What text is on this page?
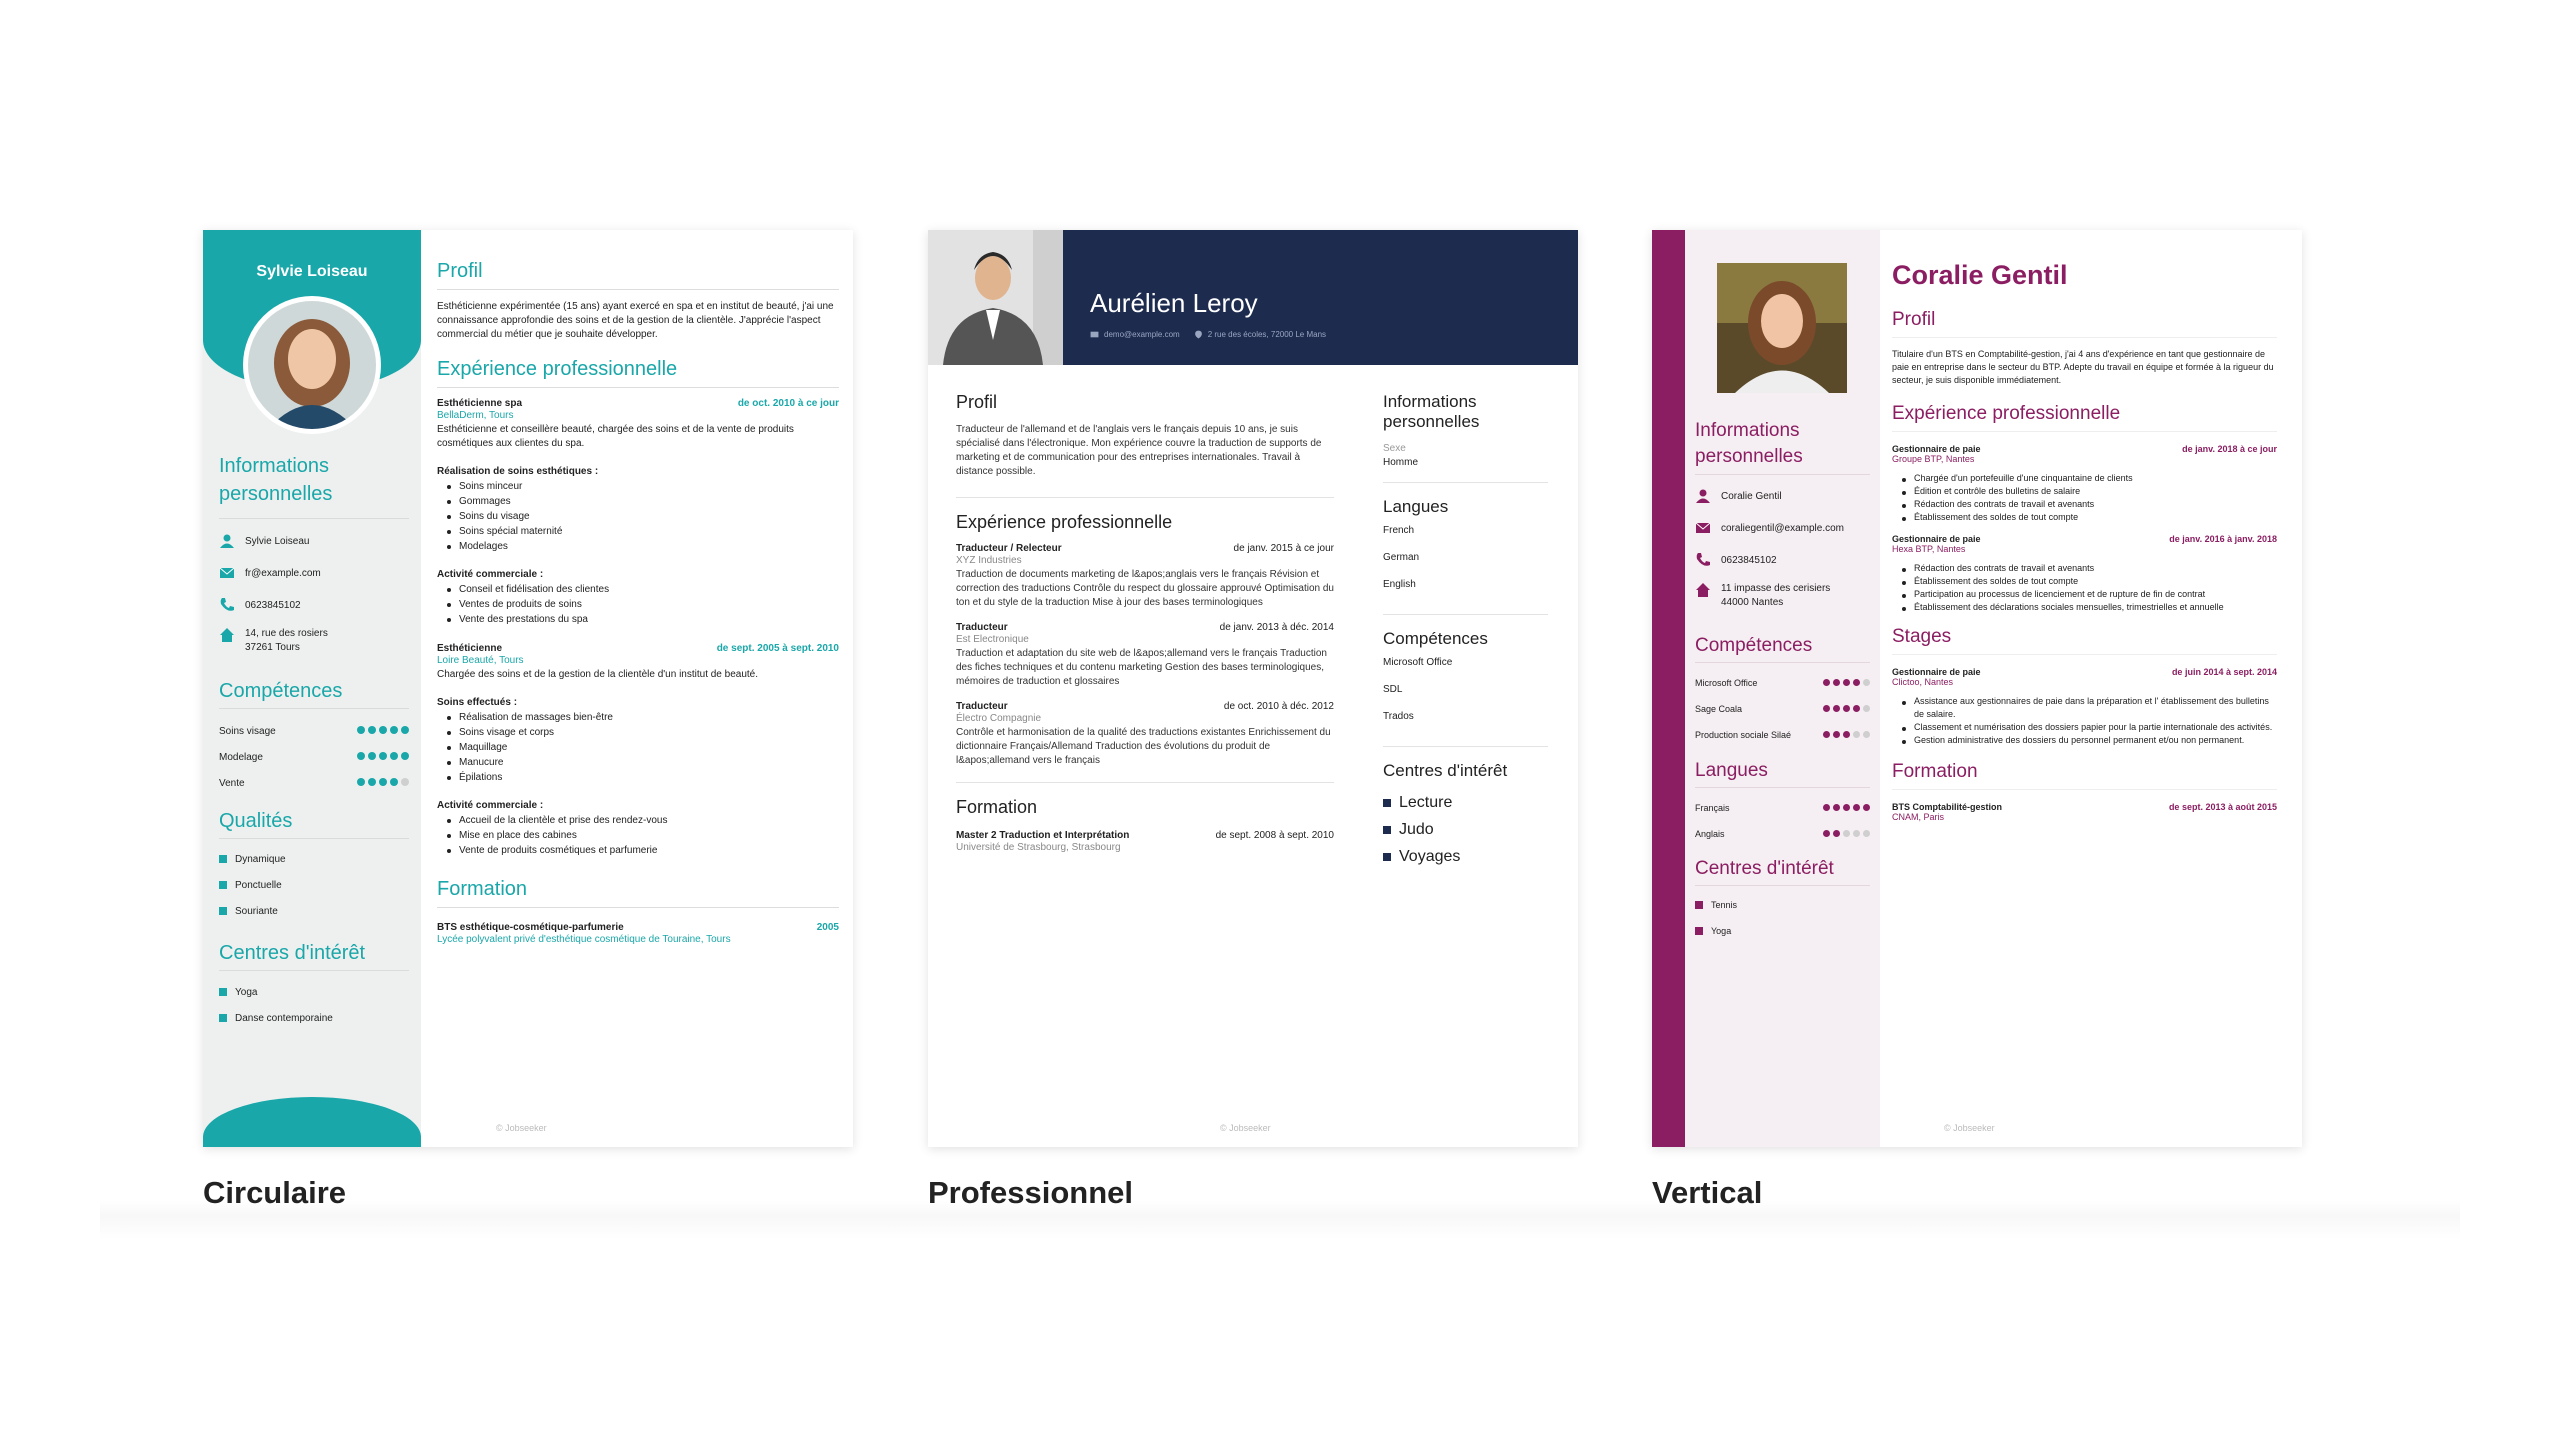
Sylvie Loiseau
Informations personnelles
Sylvie Loiseau
fr@example.com
0623845102
14, rue des rosiers
37261 Tours
Compétences
Soins visage
Modelage
Vente
Qualités
Dynamique
Ponctuelle
Souriante
Centres d'intérêt
Yoga
Danse contemporaine
Profil
Esthéticienne expérimentée (15 ans) ayant exercé en spa et en institut de beauté, j'ai une connaissance approfondie des soins et de la gestion de la clientèle. J'apprécie l'aspect commercial du métier que je souhaite développer.
Expérience professionnelle
Esthéticienne spa	de oct. 2010 à ce jour
BellaDerm, Tours
Esthéticienne et conseillère beauté, chargée des soins et de la vente de produits cosmétiques aux clientes du spa.
Réalisation de soins esthétiques :
Soins minceur
Gommages
Soins du visage
Soins spécial maternité
Modelages
Activité commerciale :
Conseil et fidélisation des clientes
Ventes de produits de soins
Vente des prestations du spa
Esthéticienne	de sept. 2005 à sept. 2010
Loire Beauté, Tours
Chargée des soins et de la gestion de la clientèle d'un institut de beauté.
Soins effectués :
Réalisation de massages bien-être
Soins visage et corps
Maquillage
Manucure
Épilations
Activité commerciale :
Accueil de la clientèle et prise des rendez-vous
Mise en place des cabines
Vente de produits cosmétiques et parfumerie
Formation
BTS esthétique-cosmétique-parfumerie	2005
Lycée polyvalent privé d'esthétique cosmétique de Touraine, Tours
© Jobseeker
Circulaire
Aurélien Leroy
demo@example.com	2 rue des écoles, 72000 Le Mans
Profil
Traducteur de l'allemand et de l'anglais vers le français depuis 10 ans, je suis spécialisé dans l'électronique. Mon expérience couvre la traduction de supports de marketing et de communication pour des entreprises internationales. Travail à distance possible.
Expérience professionnelle
Traducteur / Relecteur	de janv. 2015 à ce jour
XYZ Industries
Traduction de documents marketing de l&apos;anglais vers le français Révision et correction des traductions Contrôle du respect du glossaire approuvé Optimisation du ton et du style de la traduction Mise à jour des bases terminologiques
Traducteur	de janv. 2013 à déc. 2014
Est Electronique
Traduction et adaptation du site web de l&apos;allemand vers le français Traduction des fiches techniques et du contenu marketing Gestion des bases terminologiques, mémoires de traduction et glossaires
Traducteur	de oct. 2010 à déc. 2012
Électro Compagnie
Contrôle et harmonisation de la qualité des traductions existantes Enrichissement du dictionnaire Français/Allemand Traduction des évolutions du produit de l&apos;allemand vers le français
Formation
Master 2 Traduction et Interprétation	de sept. 2008 à sept. 2010
Université de Strasbourg, Strasbourg
Informations personnelles
Sexe
Homme
Langues
French
German
English
Compétences
Microsoft Office
SDL
Trados
Centres d'intérêt
Lecture
Judo
Voyages
© Jobseeker
Professionnel
Informations personnelles
Coralie Gentil
coraliegentil@example.com
0623845102
11 impasse des cerisiers
44000 Nantes
Compétences
Microsoft Office
Sage Coala
Production sociale Silaé
Langues
Français
Anglais
Centres d'intérêt
Tennis
Yoga
Coralie Gentil
Profil
Titulaire d'un BTS en Comptabilité-gestion, j'ai 4 ans d'expérience en tant que gestionnaire de paie en entreprise dans le secteur du BTP. Adepte du travail en équipe et formée à la rigueur du secteur, je suis disponible immédiatement.
Expérience professionnelle
Gestionnaire de paie	de janv. 2018 à ce jour
Groupe BTP, Nantes
Chargée d'un portefeuille d'une cinquantaine de clients
Édition et contrôle des bulletins de salaire
Rédaction des contrats de travail et avenants
Établissement des soldes de tout compte
Gestionnaire de paie	de janv. 2016 à janv. 2018
Hexa BTP, Nantes
Rédaction des contrats de travail et avenants
Établissement des soldes de tout compte
Participation au processus de licenciement et de rupture de fin de contrat
Établissement des déclarations sociales mensuelles, trimestrielles et annuelle
Stages
Gestionnaire de paie	de juin 2014 à sept. 2014
Clictoo, Nantes
Assistance aux gestionnaires de paie dans la préparation et l' établissement des bulletins de salaire.
Classement et numérisation des dossiers papier pour la partie internationale des activités.
Gestion administrative des dossiers du personnel permanent et/ou non permanent.
Formation
BTS Comptabilité-gestion	de sept. 2013 à août 2015
CNAM, Paris
© Jobseeker
Vertical
